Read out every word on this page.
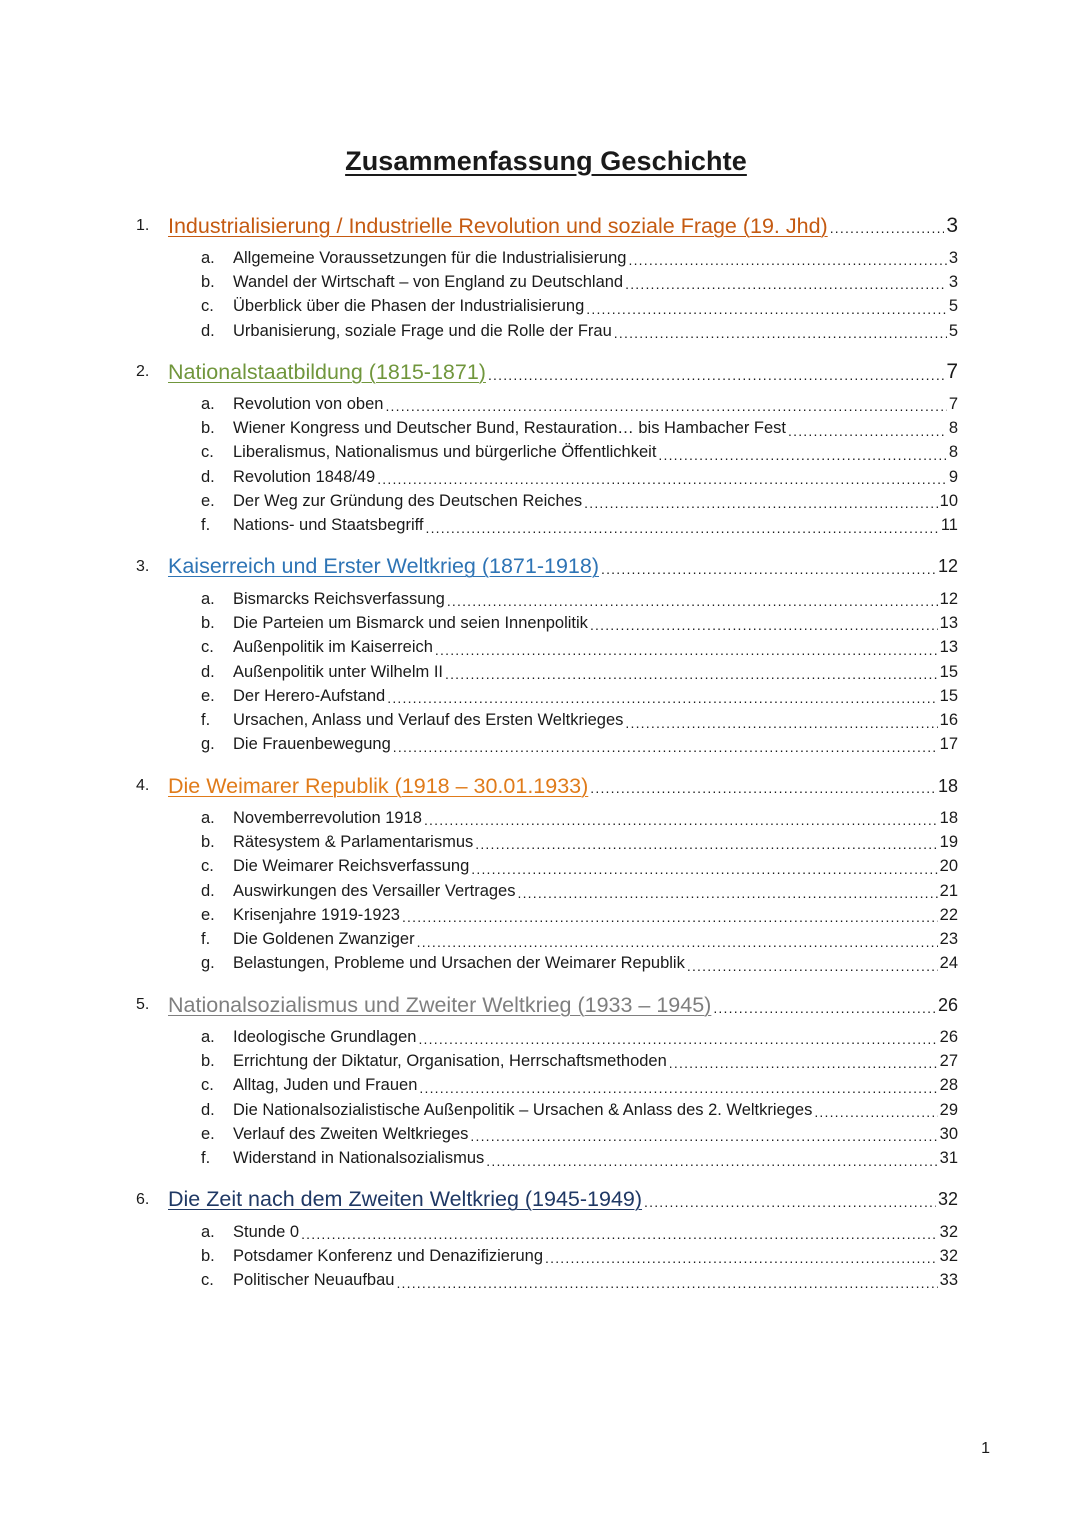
Zusammenfassung Geschichte
1. Industrialisierung / Industrielle Revolution und soziale Frage (19. Jhd) .....	3
a.	Allgemeine Voraussetzungen für die Industrialisierung .....	3
b.	Wandel der Wirtschaft – von England zu Deutschland .....	3
c.	Überblick über die Phasen der Industrialisierung .....	5
d.	Urbanisierung, soziale Frage und die Rolle der Frau .....	5
2. Nationalstaatbildung (1815-1871) .....	7
a.	Revolution von oben .....	7
b.	Wiener Kongress und Deutscher Bund, Restauration… bis Hambacher Fest .....	8
c.	Liberalismus, Nationalismus und bürgerliche Öffentlichkeit .....	8
d.	Revolution 1848/49 .....	9
e.	Der Weg zur Gründung des Deutschen Reiches .....	10
f.	Nations- und Staatsbegriff .....	11
3. Kaiserreich und Erster Weltkrieg (1871-1918) .....	12
a.	Bismarcks Reichsverfassung .....	12
b.	Die Parteien um Bismarck und seien Innenpolitik .....	13
c.	Außenpolitik im Kaiserreich .....	13
d.	Außenpolitik unter Wilhelm II .....	15
e.	Der Herero-Aufstand .....	15
f.	Ursachen, Anlass und Verlauf des Ersten Weltkrieges .....	16
g.	Die Frauenbewegung .....	17
4. Die Weimarer Republik (1918 – 30.01.1933) .....	18
a.	Novemberrevolution 1918 .....	18
b.	Rätesystem & Parlamentarismus .....	19
c.	Die Weimarer Reichsverfassung .....	20
d.	Auswirkungen des Versailler Vertrages .....	21
e.	Krisenjahre 1919-1923 .....	22
f.	Die Goldenen Zwanziger .....	23
g.	Belastungen, Probleme und Ursachen der Weimarer Republik .....	24
5. Nationalsozialismus und Zweiter Weltkrieg (1933 – 1945) .....	26
a.	Ideologische Grundlagen .....	26
b.	Errichtung der Diktatur, Organisation, Herrschaftsmethoden .....	27
c.	Alltag, Juden und Frauen .....	28
d.	Die Nationalsozialistische Außenpolitik – Ursachen & Anlass des 2. Weltkrieges .....	29
e.	Verlauf des Zweiten Weltkrieges .....	30
f.	Widerstand in Nationalsozialismus .....	31
6. Die Zeit nach dem Zweiten Weltkrieg (1945-1949) .....	32
a.	Stunde 0 .....	32
b.	Potsdamer Konferenz und Denazifizierung .....	32
c.	Politischer Neuaufbau .....	33
1
